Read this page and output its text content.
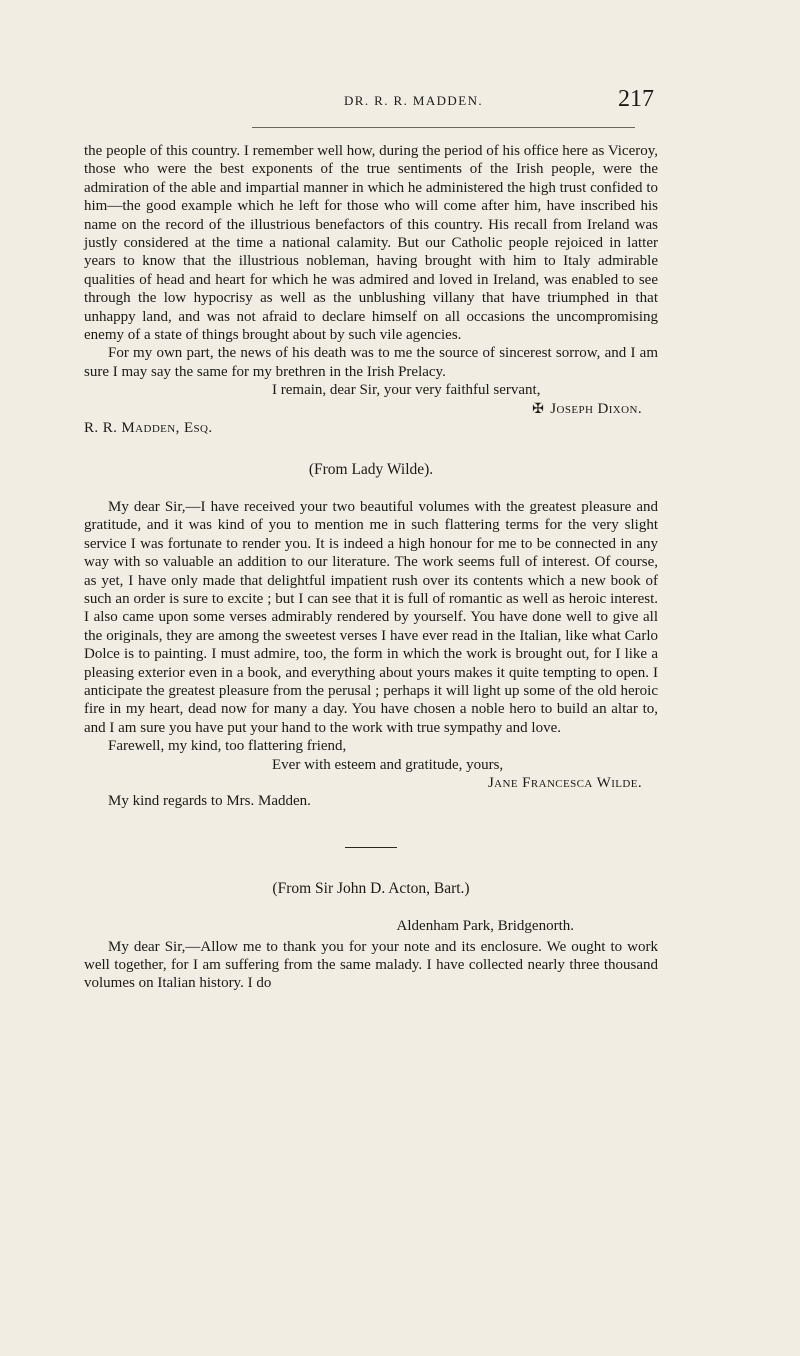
DR. R. R. MADDEN.	217

the people of this country. I remember well how, during the period of his office here as Viceroy, those who were the best exponents of the true sentiments of the Irish people, were the admiration of the able and impartial manner in which he administered the high trust confided to him—the good example which he left for those who will come after him, have inscribed his name on the record of the illustrious benefactors of this country. His recall from Ireland was justly considered at the time a national calamity. But our Catholic people rejoiced in latter years to know that the illustrious nobleman, having brought with him to Italy admirable qualities of head and heart for which he was admired and loved in Ireland, was enabled to see through the low hypocrisy as well as the unblushing villany that have triumphed in that unhappy land, and was not afraid to declare himself on all occasions the uncompromising enemy of a state of things brought about by such vile agencies.

For my own part, the news of his death was to me the source of sincerest sorrow, and I am sure I may say the same for my brethren in the Irish Prelacy.

I remain, dear Sir, your very faithful servant,

✠ Joseph Dixon.

R. R. Madden, Esq.

(From Lady Wilde).

My dear Sir,—I have received your two beautiful volumes with the greatest pleasure and gratitude, and it was kind of you to mention me in such flattering terms for the very slight service I was fortunate to render you. It is indeed a high honour for me to be connected in any way with so valuable an addition to our literature. The work seems full of interest. Of course, as yet, I have only made that delightful impatient rush over its contents which a new book of such an order is sure to excite ; but I can see that it is full of romantic as well as heroic interest. I also came upon some verses admirably rendered by yourself. You have done well to give all the originals, they are among the sweetest verses I have ever read in the Italian, like what Carlo Dolce is to painting. I must admire, too, the form in which the work is brought out, for I like a pleasing exterior even in a book, and everything about yours makes it quite tempting to open. I anticipate the greatest pleasure from the perusal ; perhaps it will light up some of the old heroic fire in my heart, dead now for many a day. You have chosen a noble hero to build an altar to, and I am sure you have put your hand to the work with true sympathy and love.

Farewell, my kind, too flattering friend,

Ever with esteem and gratitude, yours,

Jane Francesca Wilde.

My kind regards to Mrs. Madden.

(From Sir John D. Acton, Bart.)

Aldenham Park, Bridgenorth.

My dear Sir,—Allow me to thank you for your note and its enclosure. We ought to work well together, for I am suffering from the same malady. I have collected nearly three thousand volumes on Italian history. I do
